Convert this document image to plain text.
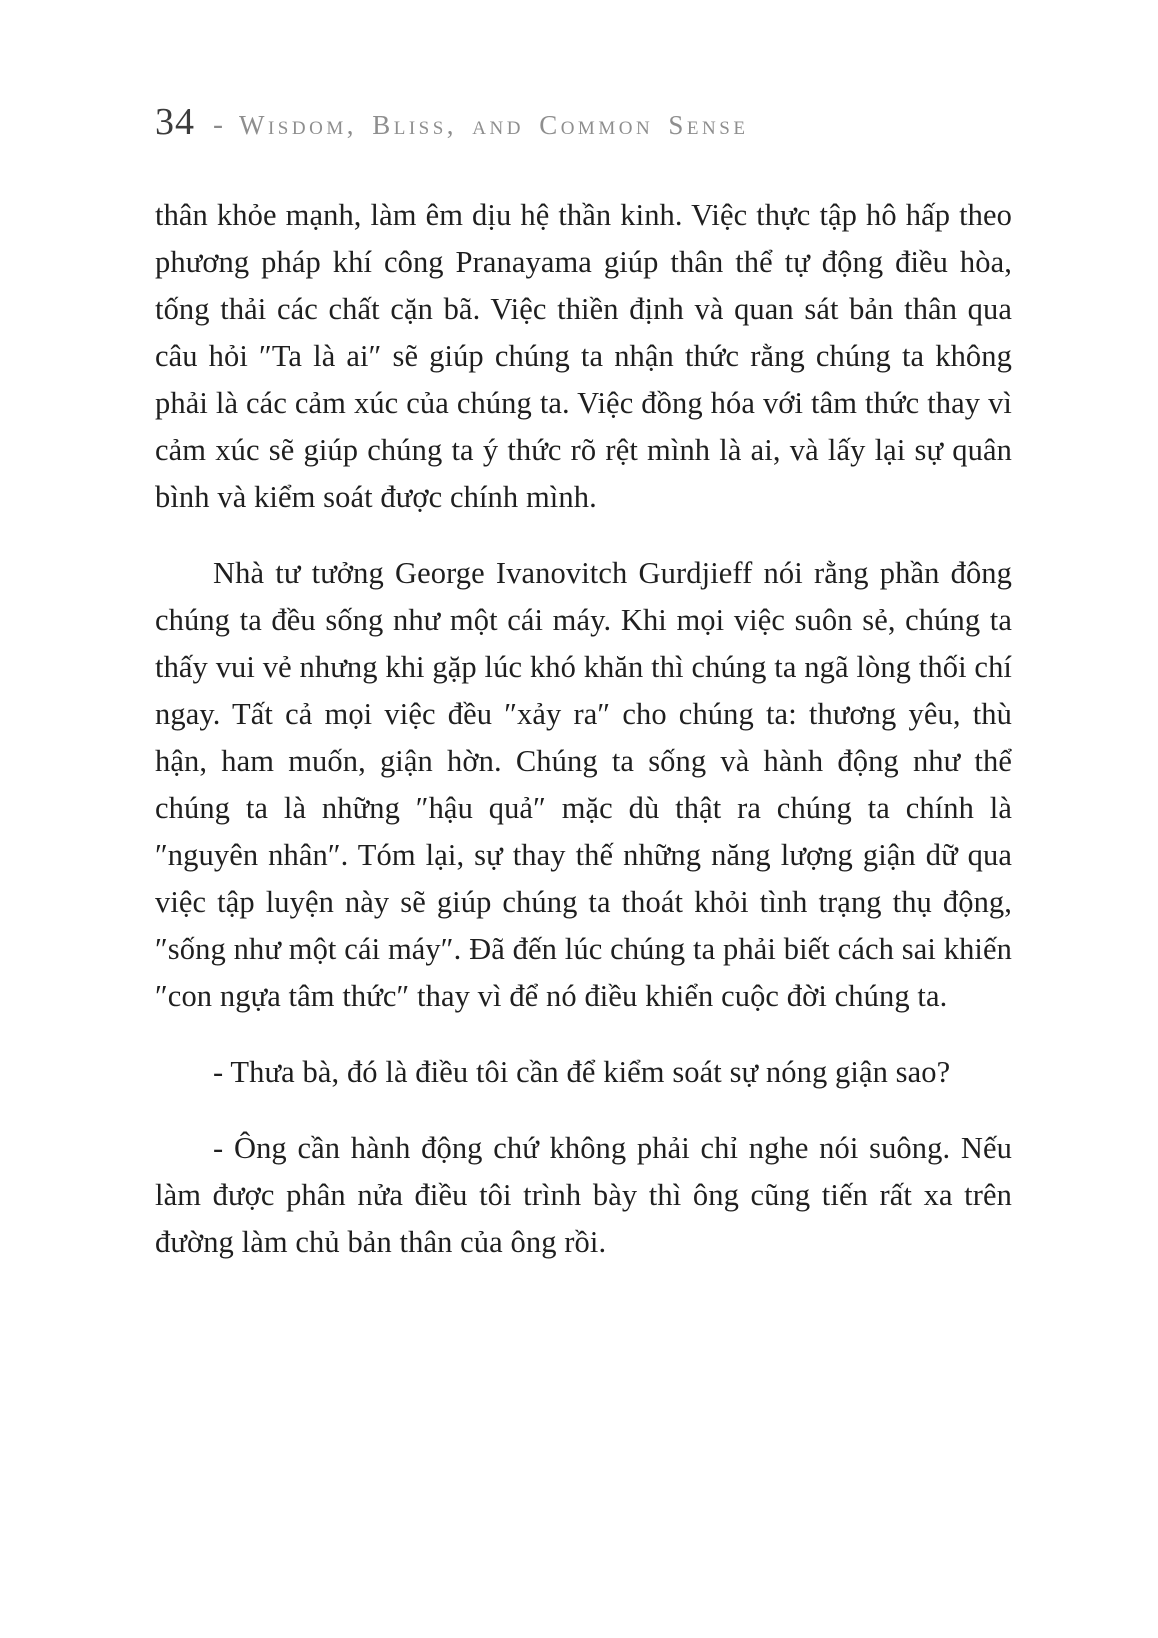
34 - Wisdom, Bliss, and Common Sense

thân khỏe mạnh, làm êm dịu hệ thần kinh. Việc thực tập hô hấp theo phương pháp khí công Pranayama giúp thân thể tự động điều hòa, tống thải các chất cặn bã. Việc thiền định và quan sát bản thân qua câu hỏi ″Ta là ai″ sẽ giúp chúng ta nhận thức rằng chúng ta không phải là các cảm xúc của chúng ta. Việc đồng hóa với tâm thức thay vì cảm xúc sẽ giúp chúng ta ý thức rõ rệt mình là ai, và lấy lại sự quân bình và kiểm soát được chính mình.

Nhà tư tưởng George Ivanovitch Gurdjieff nói rằng phần đông chúng ta đều sống như một cái máy. Khi mọi việc suôn sẻ, chúng ta thấy vui vẻ nhưng khi gặp lúc khó khăn thì chúng ta ngã lòng thối chí ngay. Tất cả mọi việc đều ″xảy ra″ cho chúng ta: thương yêu, thù hận, ham muốn, giận hờn. Chúng ta sống và hành động như thể chúng ta là những ″hậu quả″ mặc dù thật ra chúng ta chính là ″nguyên nhân″. Tóm lại, sự thay thế những năng lượng giận dữ qua việc tập luyện này sẽ giúp chúng ta thoát khỏi tình trạng thụ động, ″sống như một cái máy″. Đã đến lúc chúng ta phải biết cách sai khiến ″con ngựa tâm thức″ thay vì để nó điều khiển cuộc đời chúng ta.

- Thưa bà, đó là điều tôi cần để kiểm soát sự nóng giận sao?

- Ông cần hành động chứ không phải chỉ nghe nói suông. Nếu làm được phân nửa điều tôi trình bày thì ông cũng tiến rất xa trên đường làm chủ bản thân của ông rồi.
